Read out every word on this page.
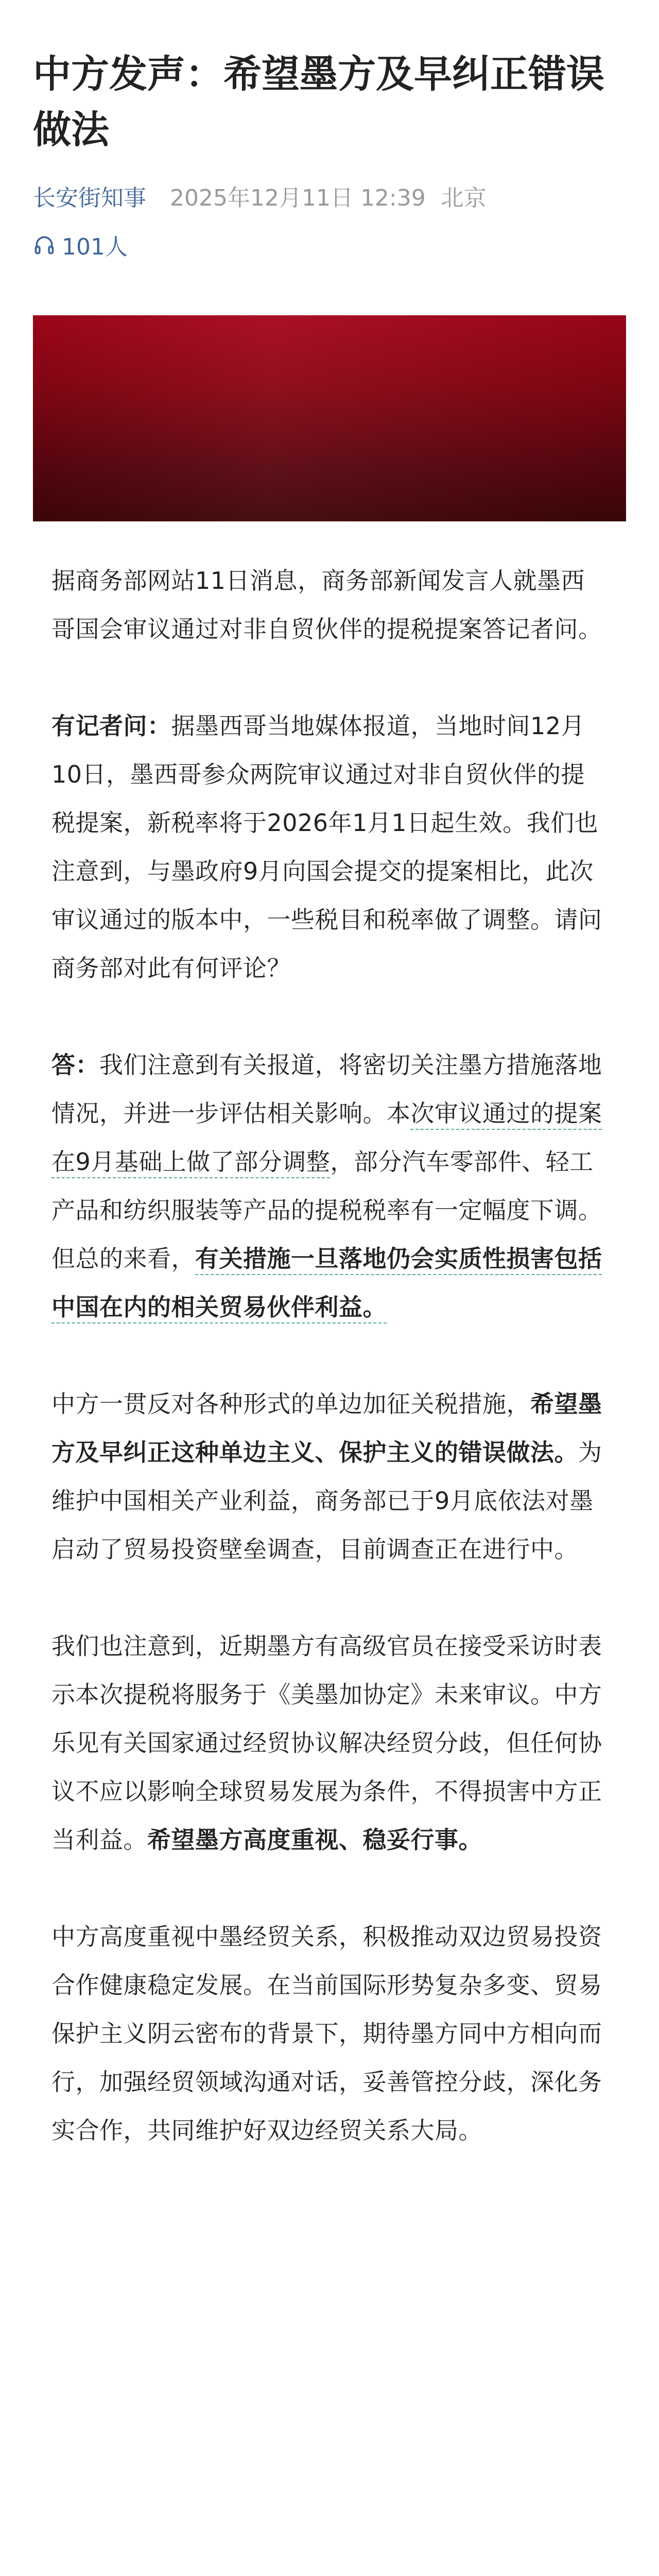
中方发声：希望墨方及早纠正错误做法
长安街知事 2025年12月11日 12:39 北京
101人

据商务部网站11日消息，商务部新闻发言人就墨西哥国会审议通过对非自贸伙伴的提税提案答记者问。

有记者问：据墨西哥当地媒体报道，当地时间12月10日，墨西哥参众两院审议通过对非自贸伙伴的提税提案，新税率将于2026年1月1日起生效。我们也注意到，与墨政府9月向国会提交的提案相比，此次审议通过的版本中，一些税目和税率做了调整。请问商务部对此有何评论？

答：我们注意到有关报道，将密切关注墨方措施落地情况，并进一步评估相关影响。本次审议通过的提案在9月基础上做了部分调整，部分汽车零部件、轻工产品和纺织服装等产品的提税税率有一定幅度下调。但总的来看，有关措施一旦落地仍会实质性损害包括中国在内的相关贸易伙伴利益。

中方一贯反对各种形式的单边加征关税措施，希望墨方及早纠正这种单边主义、保护主义的错误做法。为维护中国相关产业利益，商务部已于9月底依法对墨启动了贸易投资壁垒调查，目前调查正在进行中。

我们也注意到，近期墨方有高级官员在接受采访时表示本次提税将服务于《美墨加协定》未来审议。中方乐见有关国家通过经贸协议解决经贸分歧，但任何协议不应以影响全球贸易发展为条件，不得损害中方正当利益。希望墨方高度重视、稳妥行事。

中方高度重视中墨经贸关系，积极推动双边贸易投资合作健康稳定发展。在当前国际形势复杂多变、贸易保护主义阴云密布的背景下，期待墨方同中方相向而行，加强经贸领域沟通对话，妥善管控分歧，深化务实合作，共同维护好双边经贸关系大局。
